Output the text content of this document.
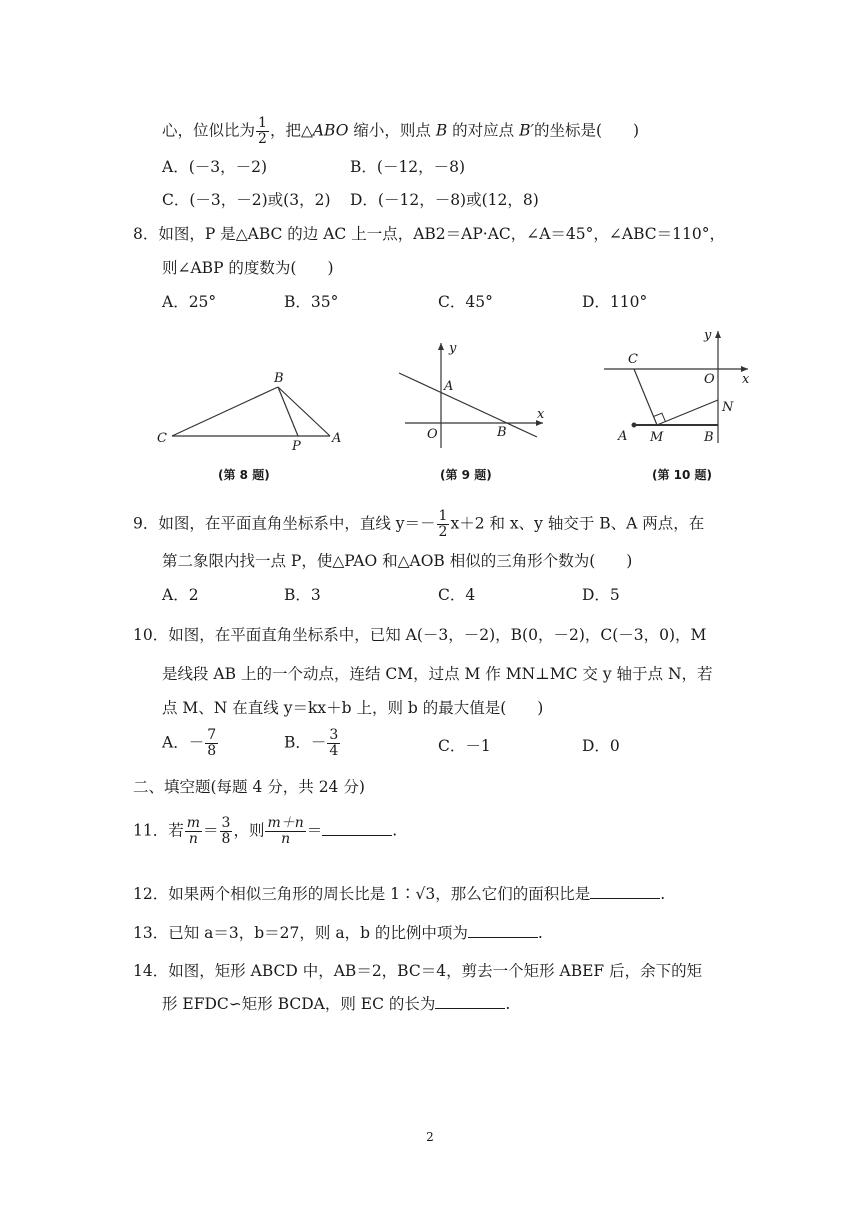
心，位似比为 $\frac{1}{2}$ ，把△ABO 缩小，则点 B 的对应点 B′的坐标是(　　)
A．(－3，－2)	B．(－12，－8)
C．(－3，－2)或(3，2) D．(－12，－8)或(12，8)
8．如图，P 是△ABC 的边 AC 上一点，AB2＝AP·AC，∠A＝45°，∠ABC＝110°，
则∠ABP 的度数为(　　)
A．25°	B．35°	C．45°	D．110°
B
C
P
A
(第 8 题)
y
A
x
O	B
(第 9 题)
y
C
O x
N
A M	B
(第 10 题)
9．如图，在平面直角坐标系中，直线 $y=- \frac{1}{2} x+2$ 和 x、y 轴交于 B、A 两点，在
第二象限内找一点 P，使△PAO 和△AOB 相似的三角形个数为(　　)
A．2	B．3	C．4	D．5
10．如图，在平面直角坐标系中，已知 A(－3，－2)，B(0，－2)，C(－3，0)，M
是线段 AB 上的一个动点，连结 CM，过点 M 作 MN⊥MC 交 y 轴于点 N，若
点 M、N 在直线 y＝kx＋b 上，则 b 的最大值是(　　)
A．－ $\frac{7}{8}$	B．－ $\frac{3}{4}$	C．－1	D．0
二、填空题(每题 4 分，共 24 分)
11．若 $\frac{m}{n} = \frac{3}{8}$ ，则 $\frac{m+n}{n}$ ＝	.
12．如果两个相似三角形的周长比是 1∶√3，那么它们的面积比是	.
13．已知 a＝3，b＝27，则 a，b 的比例中项为	.
14．如图，矩形 ABCD 中，AB＝2，BC＝4，剪去一个矩形 ABEF 后，余下的矩
形 EFDC∽矩形 BCDA，则 EC 的长为	.
2
